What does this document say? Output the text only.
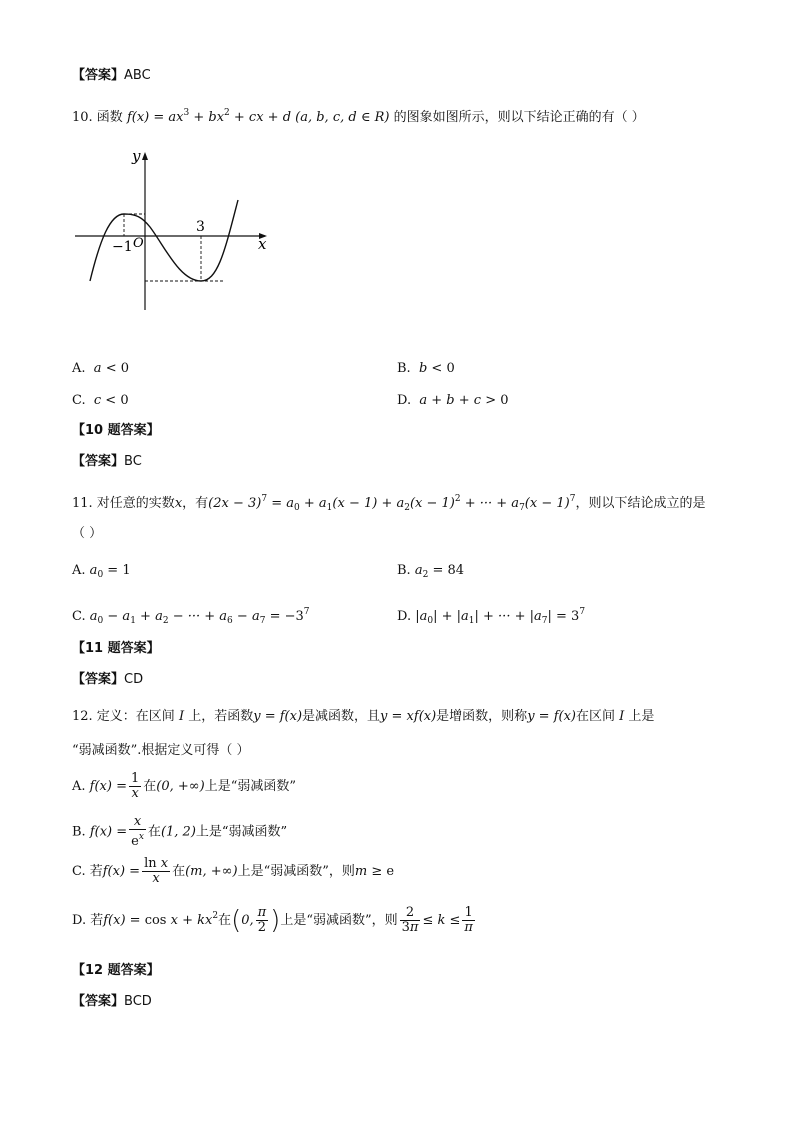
【答案】ABC
10. 函数 $f(x) = ax^3 + bx^2$ + cx + d (a, b, c, d ∈ R) 的图象如图所示，则以下结论正确的有（ ）
y
x
O
−1
3
A. a < 0	B. b < 0
C. c < 0	D. a + b + c > 0
【10 题答案】
【答案】BC
11. 对任意的实数x，有$(2x - 3)^7 = a_0 + a_1(x - 1) + a_2(x - 1)^2$ + ··· + $a_7(x - 1)^7$，则以下结论成立的是
（ ）
A. $a_0 = 1$	B. $a_2 = 84$
C. $a_0 - a_1 + a_2$ − ··· + $a_6 - a_7 = -3^7$	D. $|a_0| + |a_1|$ + ··· + $|a_7| = 3^7$
【11 题答案】
【答案】CD
12. 定义：在区间 I 上，若函数y = f(x)是减函数，且y = xf(x)是增函数，则称y = f(x)在区间 I 上是
“弱减函数”.根据定义可得（ ）
A. $f(x) = \frac{1}{x}$ 在(0, +∞)上是“弱减函数”
B. $f(x) = \frac{x}{e^x}$ 在(1, 2)上是“弱减函数”
C. 若$f(x) = \frac{\text{ln x}}{x}$ 在(m, +∞)上是“弱减函数”，则m ≥ e
D. 若$f(x) = \cos x + kx^2$在(0, $\frac{\pi}{2}$ )上是“弱减函数”，则 $\frac{2}{3\pi} \le k \le \frac{1}{\pi}$
【12 题答案】
【答案】BCD
